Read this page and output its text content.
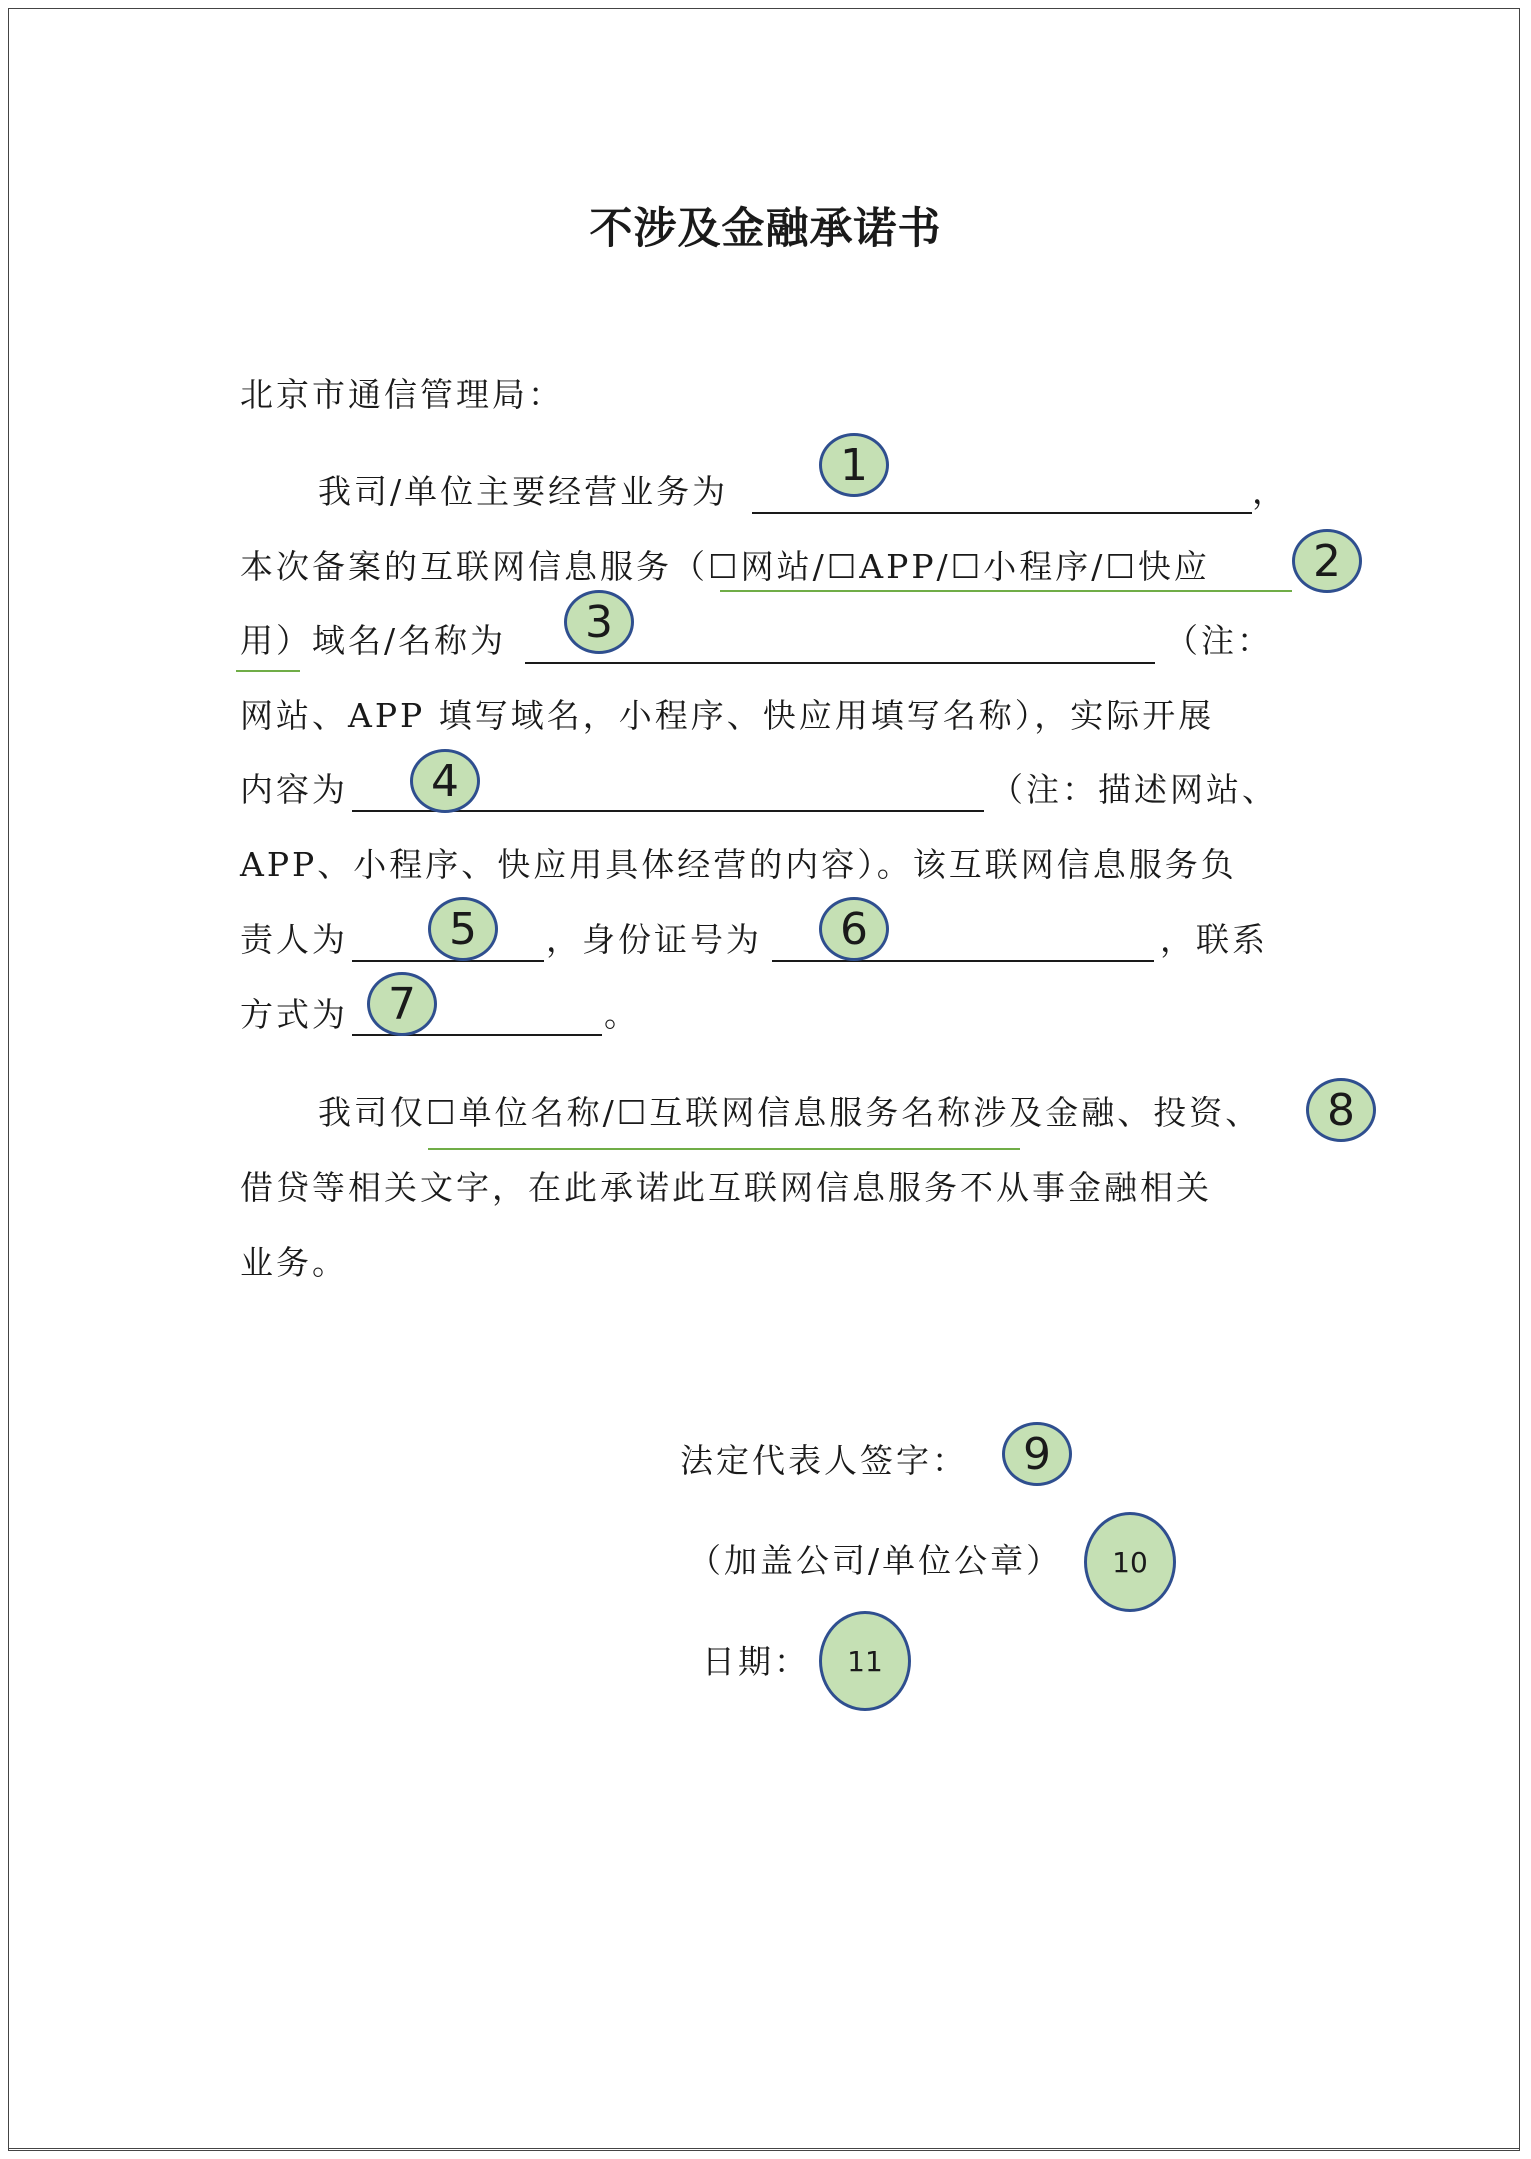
不涉及金融承诺书
北京市通信管理局：
我司/单位主要经营业务为	，
本次备案的互联网信息服务（☐网站/☐APP/☐小程序/☐快应
用）域名/名称为	（注：
网站、APP 填写域名，小程序、快应用填写名称），实际开展
内容为	（注：描述网站、
APP、小程序、快应用具体经营的内容）。该互联网信息服务负
责人为	，身份证号为	，联系
方式为	。
我司仅☐单位名称/☐互联网信息服务名称涉及金融、投资、
借贷等相关文字，在此承诺此互联网信息服务不从事金融相关
业务。
法定代表人签字：
（加盖公司/单位公章）
日期：
1
2
3
4
5	6
7
8
9
10
11
